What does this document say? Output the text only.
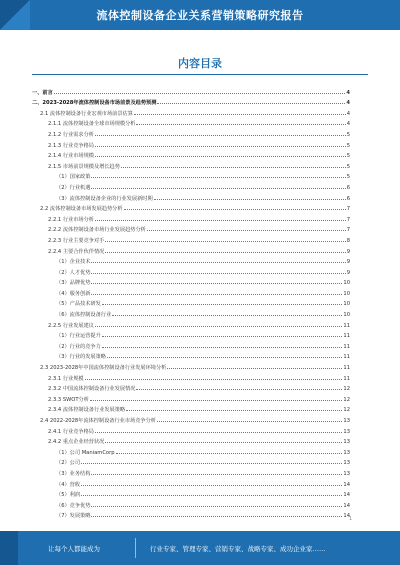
流体控制设备企业关系营销策略研究报告
内容目录
一、前言	4
二、2023-2028年流体控制设备市场前景及趋势预测	4
2.1 流体控制设备行业宏观市场前景估算	4
2.1.1 流体控制设备全球市场规模分析	4
2.1.2 行业需求分析	5
2.1.3 行业竞争格局	5
2.1.4 行业市场规模	5
2.1.5 市场前景规模及增长趋势	5
（1）国家政策	5
（2）行业机遇	6
（3）流体控制设备企业的行业发展新时期	6
2.2 流体控制设备市场发展趋势分析	7
2.2.1 行业市场分析	7
2.2.2 流体控制设备市场行业发展趋势分析	7
2.2.3 行业主要竞争对手	8
2.2.4 主要合作伙伴情况	9
（1）企业技术	9
（2）人才优势	9
（3）品牌优势	10
（4）服务创新	10
（5）产品技术研发	10
（6）流体控制设备行业	10
2.2.5 行业发展建议	11
（1）行业运营提升	11
（2）行业的竞争力	11
（3）行业的发展策略	11
2.3 2023-2028年中国流体控制设备行业发展环境分析	11
2.3.1 行业规模	11
2.3.2 中国流体控制设备行业发展情况	12
2.3.3 SWOT分析	12
2.3.4 流体控制设备行业发展策略	12
2.4 2022-2028年流体控制设备行业市场竞争分析	13
2.4.1 行业竞争格局	13
2.4.2 重点企业经营状况	13
（1）公司 ManiamCorp	13
（2）公司	13
（3）业务结构	13
（4）营收	14
（5）利润	14
（6）竞争优势	14
（7）发展策略	14
1
让每个人都能成为	行业专家、管理专家、营销专家、战略专家、成功企业家……
